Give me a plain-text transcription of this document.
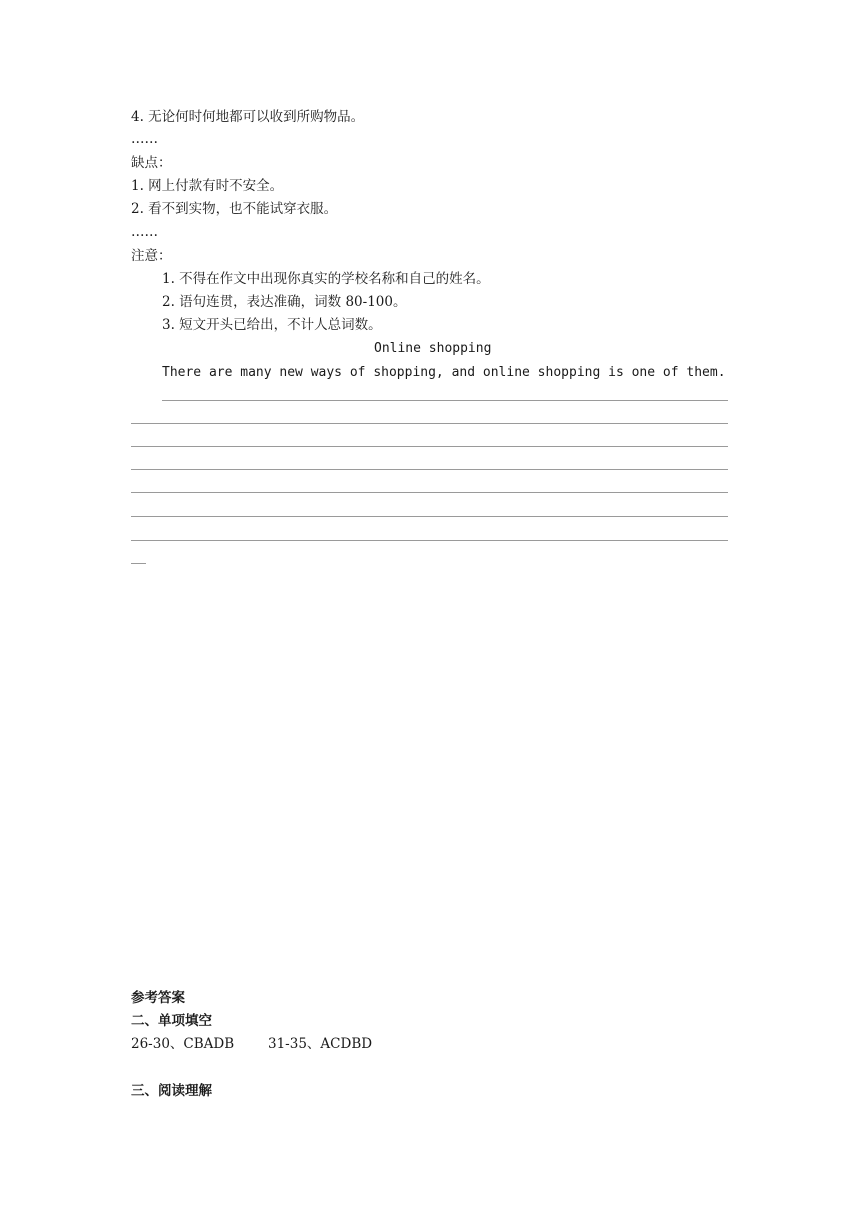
4. 无论何时何地都可以收到所购物品。
……
缺点：
1. 网上付款有时不安全。
2. 看不到实物，也不能试穿衣服。
……
注意：
1. 不得在作文中出现你真实的学校名称和自己的姓名。
2. 语句连贯，表达准确，词数 80-100。
3. 短文开头已给出，不计人总词数。
Online shopping
There are many new ways of shopping, and online shopping is one of them.
参考答案
二、单项填空
26-30、CBADB	31-35、ACDBD
三、阅读理解
